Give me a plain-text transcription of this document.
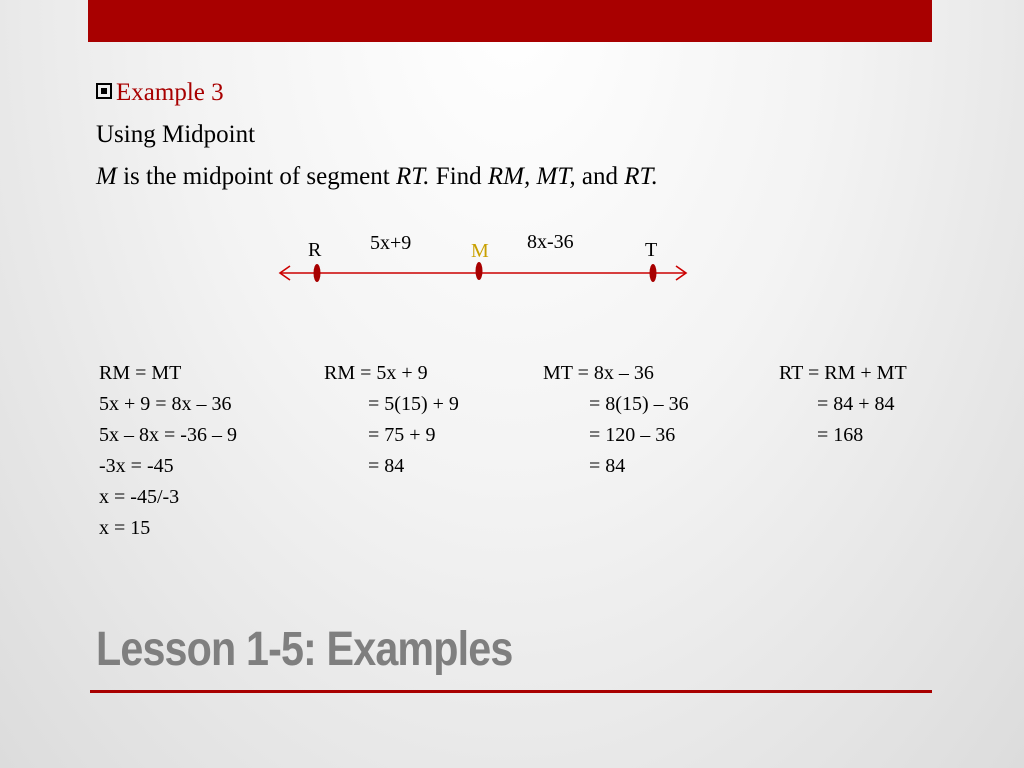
Example 3
Using Midpoint
M is the midpoint of segment RT. Find RM, MT, and RT.
R	M	T
5x+9	8x-36
RM = MT
5x + 9 = 8x – 36
5x – 8x = -36 – 9
-3x = -45
x = -45/-3
x = 15
RM = 5x + 9
= 5(15) + 9
= 75 + 9
= 84
MT = 8x – 36
= 8(15) – 36
= 120 – 36
= 84
RT = RM + MT
= 84 + 84
= 168
Lesson 1-5: Examples
